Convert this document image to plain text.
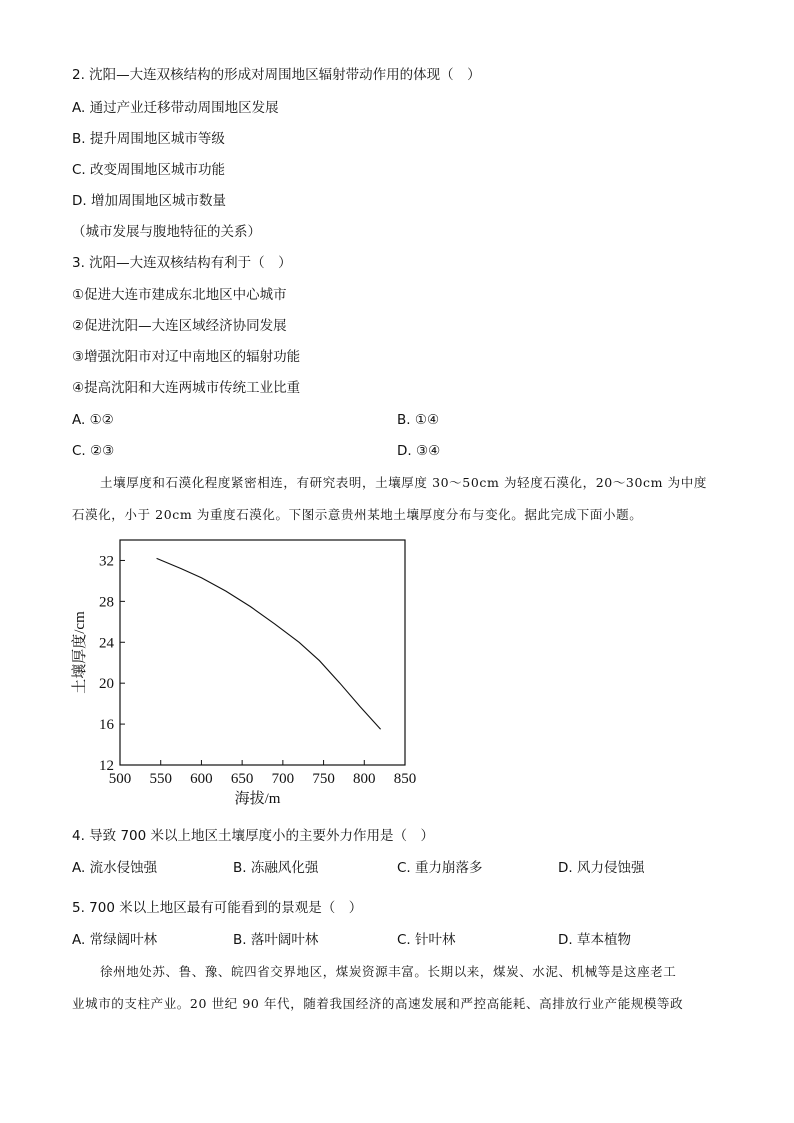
2. 沈阳—大连双核结构的形成对周围地区辐射带动作用的体现（　）
A. 通过产业迁移带动周围地区发展
B. 提升周围地区城市等级
C. 改变周围地区城市功能
D. 增加周围地区城市数量
（城市发展与腹地特征的关系）
3. 沈阳—大连双核结构有利于（　）
①促进大连市建成东北地区中心城市
②促进沈阳—大连区域经济协同发展
③增强沈阳市对辽中南地区的辐射功能
④提高沈阳和大连两城市传统工业比重
A. ①②	B. ①④
C. ②③	D. ③④
土壤厚度和石漠化程度紧密相连，有研究表明，土壤厚度 30～50cm 为轻度石漠化，20～30cm 为中度
石漠化，小于 20cm 为重度石漠化。下图示意贵州某地土壤厚度分布与变化。据此完成下面小题。
500 550 600 650 700 750 800 850
12
16
20
24
28
32
土壤厚度/cm
海拔/m
4. 导致 700 米以上地区土壤厚度小的主要外力作用是（　）
A. 流水侵蚀强	B. 冻融风化强	C. 重力崩落多	D. 风力侵蚀强
5. 700 米以上地区最有可能看到的景观是（　）
A. 常绿阔叶林	B. 落叶阔叶林	C. 针叶林	D. 草本植物
徐州地处苏、鲁、豫、皖四省交界地区，煤炭资源丰富。长期以来，煤炭、水泥、机械等是这座老工
业城市的支柱产业。20 世纪 90 年代，随着我国经济的高速发展和严控高能耗、高排放行业产能规模等政
